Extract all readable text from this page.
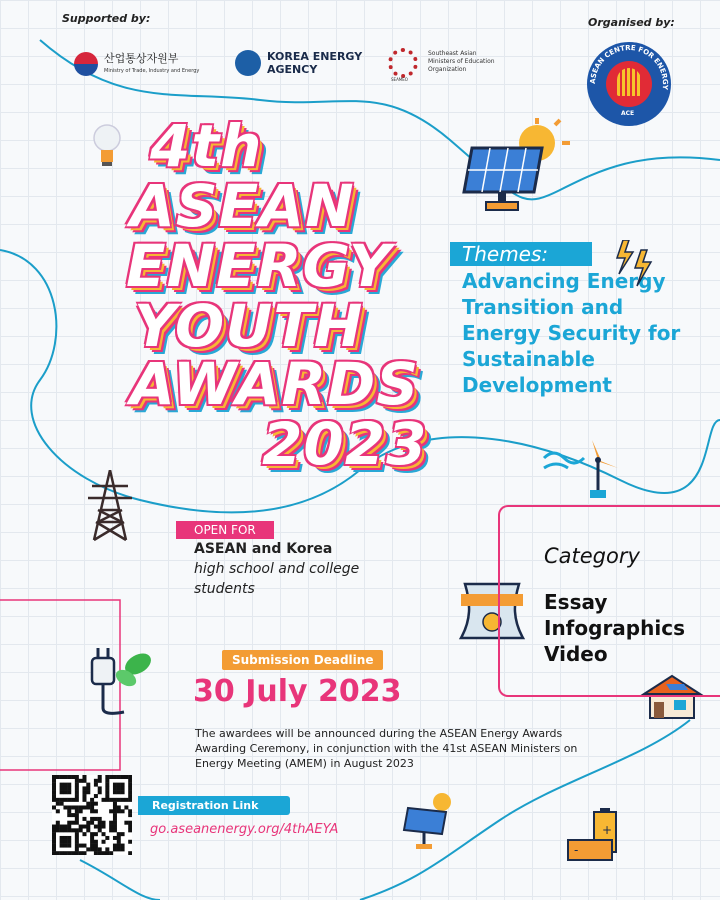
Supported by:	Organised by:
산업통상자원부
Ministry of Trade, Industry and Energy
KOREA ENERGY
AGENCY
SEAMEO
Southeast Asian
Ministers of Education
Organization
ASEAN CENTRE FOR ENERGY
ACE
4th
ASEAN
ENERGY
YOUTH
AWARDS
2023
Themes:
Advancing Energy Transition and Energy Security for Sustainable Development
+
-
OPEN FOR
ASEAN and Korea
high school and college students
Category
Essay
Infographics
Video
Submission Deadline
30 July 2023
The awardees will be announced during the ASEAN Energy Awards Awarding Ceremony, in conjunction with the 41st ASEAN Ministers on Energy Meeting (AMEM) in August 2023
Registration Link
go.aseanenergy.org/4thAEYA
